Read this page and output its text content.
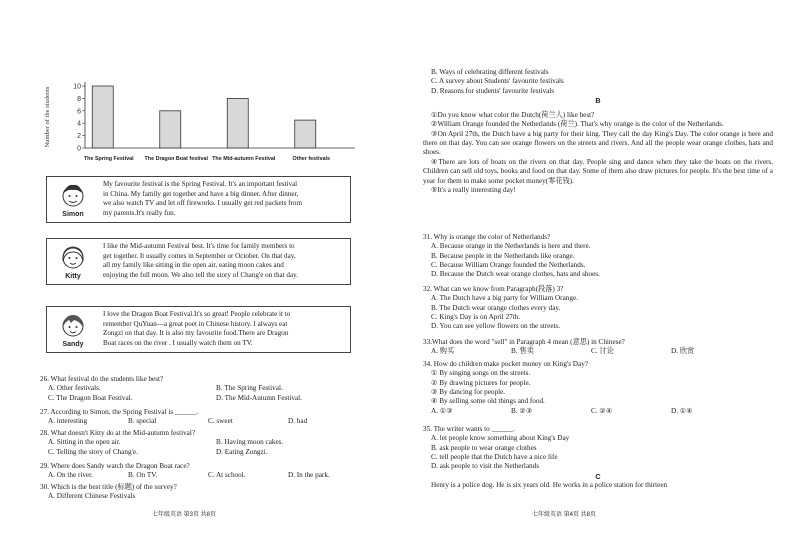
Number of the students
0
2
4
6
8
10
The Spring Festival The Dragon Boat festival The Mid-autumn Festival	Other festivals
Simon
My favourite festival is the Spring Festival. It's an important festival
in China. My family get together and have a big dinner. After dinner,
we also watch TV and let off fireworks. I usually get red packets from
my parents.It's really fun.
Kitty
I like the Mid-autumn Festival best. It's time for family members to
get together. It usually comes in September or October. On that day,
all my family like sitting in the open air, eating moon cakes and
enjoying the full moon. We also tell the story of Chang'e on that day.
Sandy
I love the Dragon Boat Festival.It's so great! People celebrate it to
remember QuYuan—a great poet in Chinese history. I always eat
Zongzi on that day. It is also my favourite food.There are Dragon
Boat races on the river . I usually watch them on TV.

26. What festival do the students like best?

A. Other festivals.	B. The Spring Festival.
C. The Dragon Boat Festival.	D. The Mid-Autumn Festival.

27. According to Simon, the Spring Festival is ______.

A. interesting	B. special	C. sweet	D. bad

28. What doesn't Kitty do at the Mid-autumn festival?

A. Sitting in the open air.	B. Having moon cakes.
C. Telling the story of Chang'e.	D. Eating Zongzi.

29. Where does Sandy watch the Dragon Boat race?

A. On the river.	B. On TV.	C. At school.	D. In the park.

30. Which is the best title (标题) of the survey?

A. Different Chinese Festivals

七年级英语 第3页 共8页

B. Ways of celebrating different festivals

C. A survey about Students' favourite festivals

D. Reasons for students' favourite festivals

B

①Do you know what color the Dutch(荷兰人) like best?

②William Orange founded the Netherlands (荷兰). That's why orange is the color of the Netherlands.

③On April 27th, the Dutch have a big party for their king. They call the day King's Day. The color orange is here and there on that day. You can see orange flowers on the streets and rivers. And all the people wear orange clothes, hats and shoes.

④There are lots of boats on the rivers on that day. People sing and dance when they take the boats on the rivers. Children can sell old toys, books and food on that day. Some of them also draw pictures for people. It's the best time of a year for them to make some pocket money(零花钱).

⑤It's a really interesting day!

31. Why is orange the color of Netherlands?

A. Because orange in the Netherlands is here and there.

B. Because people in the Netherlands like orange.

C. Because William Orange founded the Netherlands.

D. Because the Dutch wear orange clothes, hats and shoes.

32. What can we know from Paragraph(段落) 3?

A. The Dutch have a big party for William Orange.

B. The Dutch wear orange clothes every day.

C. King's Day is on April 27th.

D. You can see yellow flowers on the streets.

33.What does the word "sell" in Paragraph 4 mean (意思) in Chinese?

A. 购买	B. 售卖	C. 讨论	D. 欣赏

34. How do children make pocket money on King's Day?

① By singing songs on the streets.

② By drawing pictures for people.

③ By dancing for people.

④ By selling some old things and food.

A. ①③	B. ②③	C. ②④	D. ①④

35. The writer wants to ______.

A. let people know something about King's Day

B. ask people to wear orange clothes

C. tell people that the Dutch have a nice life

D. ask people to visit the Netherlands

C

Henry is a police dog. He is six years old. He works in a police station for thirteen

七年级英语 第4页 共8页
